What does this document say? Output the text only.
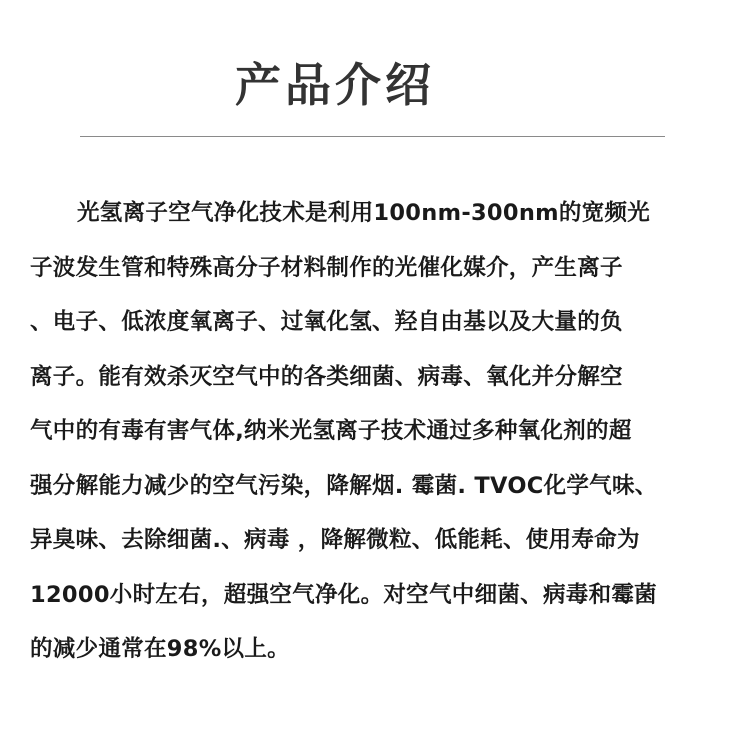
产品介绍
光氢离子空气净化技术是利用100nm-300nm的宽频光
子波发生管和特殊高分子材料制作的光催化媒介，产生离子
、电子、低浓度氧离子、过氧化氢、羟自由基以及大量的负
离子。能有效杀灭空气中的各类细菌、病毒、氧化并分解空
气中的有毒有害气体,纳米光氢离子技术通过多种氧化剂的超
强分解能力减少的空气污染，降解烟. 霉菌. TVOC化学气味、
异臭味、去除细菌.、病毒 ，降解微粒、低能耗、使用寿命为
12000小时左右，超强空气净化。对空气中细菌、病毒和霉菌
的减少通常在98%以上。
